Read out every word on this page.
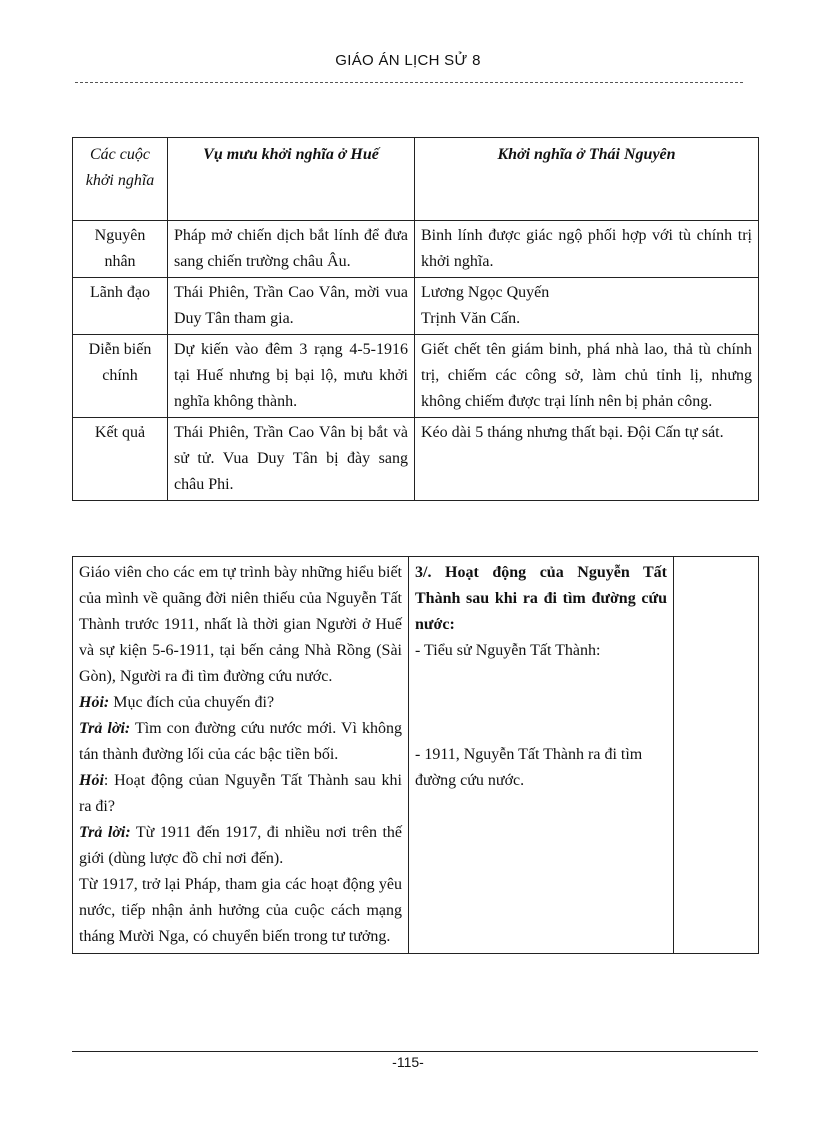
GIÁO ÁN LỊCH SỬ 8
Các cuộc khởi nghĩa	Vụ mưu khởi nghĩa ở Huế	Khởi nghĩa ở Thái Nguyên
Nguyên nhân	Pháp mở chiến dịch bắt lính để đưa sang chiến trường châu Âu.	Binh lính được giác ngộ phối hợp với tù chính trị khởi nghĩa.
Lãnh đạo	Thái Phiên, Trần Cao Vân, mời vua Duy Tân tham gia.	Lương Ngọc Quyến
Trịnh Văn Cấn.

Diễn biến chính	Dự kiến vào đêm 3 rạng 4-5-1916 tại Huế nhưng bị bại lộ, mưu khởi nghĩa không thành.	Giết chết tên giám binh, phá nhà lao, thả tù chính trị, chiếm các công sở, làm chủ tỉnh lị, nhưng không chiếm được trại lính nên bị phản công.
Kết quả	Thái Phiên, Trần Cao Vân bị bắt và sử tử. Vua Duy Tân bị đày sang châu Phi.	Kéo dài 5 tháng nhưng thất bại. Đội Cấn tự sát.

Giáo viên cho các em tự trình bày những hiểu biết của mình về quãng đời niên thiếu của Nguyễn Tất Thành trước 1911, nhất là thời gian Người ở Huế và sự kiện 5-6-1911, tại bến cảng Nhà Rồng (Sài Gòn), Người ra đi tìm đường cứu nước.

Hỏi: Mục đích của chuyến đi?

Trả lời: Tìm con đường cứu nước mới. Vì không tán thành đường lối của các bậc tiền bối.

Hỏi: Hoạt động củan Nguyễn Tất Thành sau khi ra đi?

Trả lời: Từ 1911 đến 1917, đi nhiều nơi trên thế giới (dùng lược đồ chỉ nơi đến).

Từ 1917, trở lại Pháp, tham gia các hoạt động yêu nước, tiếp nhận ảnh hưởng của cuộc cách mạng tháng Mười Nga, có chuyển biến trong tư tưởng.

3/. Hoạt động của Nguyễn Tất Thành sau khi ra đi tìm đường cứu nước:

- Tiểu sử Nguyễn Tất Thành:

- 1911, Nguyễn Tất Thành ra đi tìm đường cứu nước.

-115-
